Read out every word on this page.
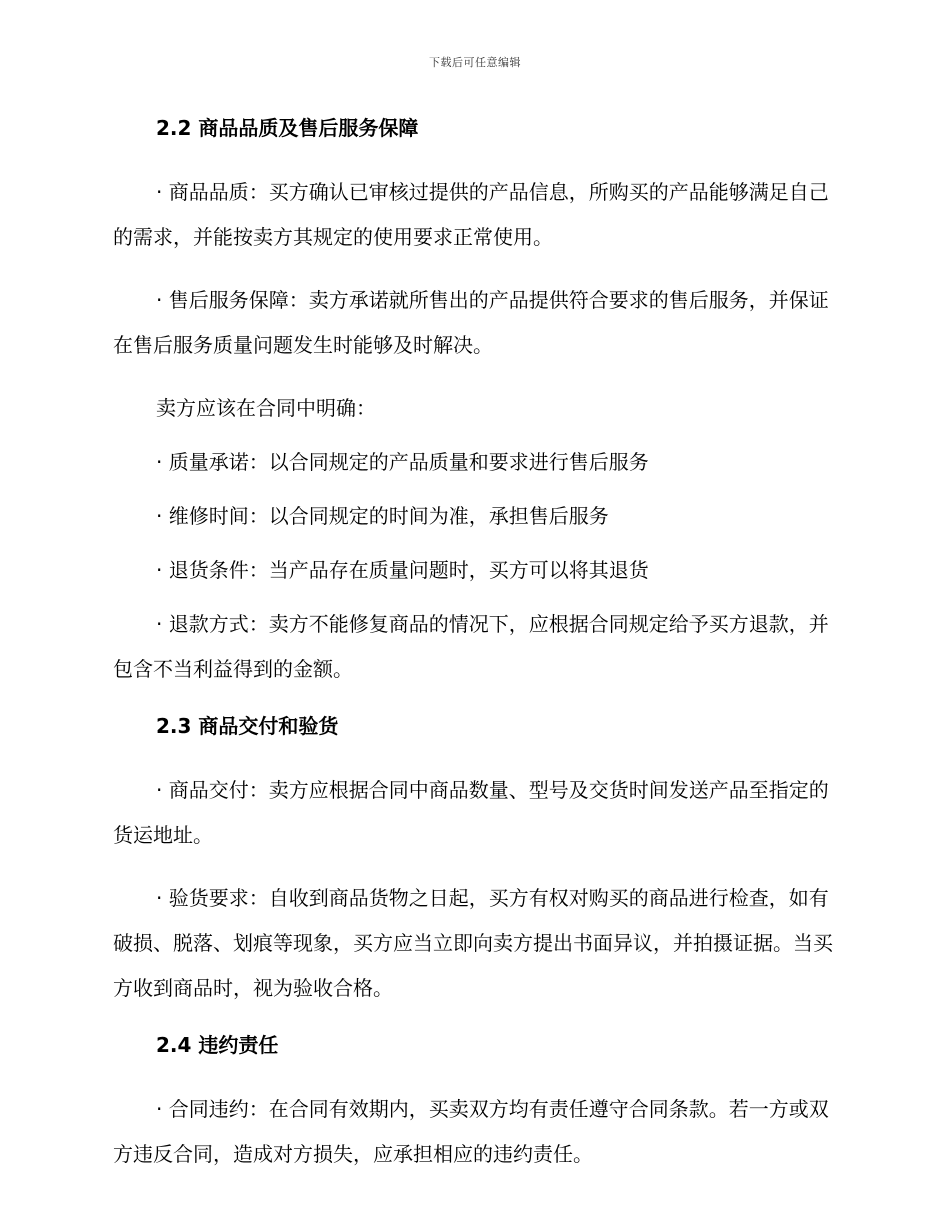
下载后可任意编辑
2.2 商品品质及售后服务保障

· 商品品质：买方确认已审核过提供的产品信息，所购买的产品能够满足自己的需求，并能按卖方其规定的使用要求正常使用。

· 售后服务保障：卖方承诺就所售出的产品提供符合要求的售后服务，并保证在售后服务质量问题发生时能够及时解决。

卖方应该在合同中明确：

· 质量承诺：以合同规定的产品质量和要求进行售后服务

· 维修时间：以合同规定的时间为准，承担售后服务

· 退货条件：当产品存在质量问题时，买方可以将其退货

· 退款方式：卖方不能修复商品的情况下，应根据合同规定给予买方退款，并包含不当利益得到的金额。

2.3 商品交付和验货

· 商品交付：卖方应根据合同中商品数量、型号及交货时间发送产品至指定的货运地址。

· 验货要求：自收到商品货物之日起，买方有权对购买的商品进行检查，如有破损、脱落、划痕等现象，买方应当立即向卖方提出书面异议，并拍摄证据。当买方收到商品时，视为验收合格。

2.4 违约责任

· 合同违约：在合同有效期内，买卖双方均有责任遵守合同条款。若一方或双方违反合同，造成对方损失，应承担相应的违约责任。
